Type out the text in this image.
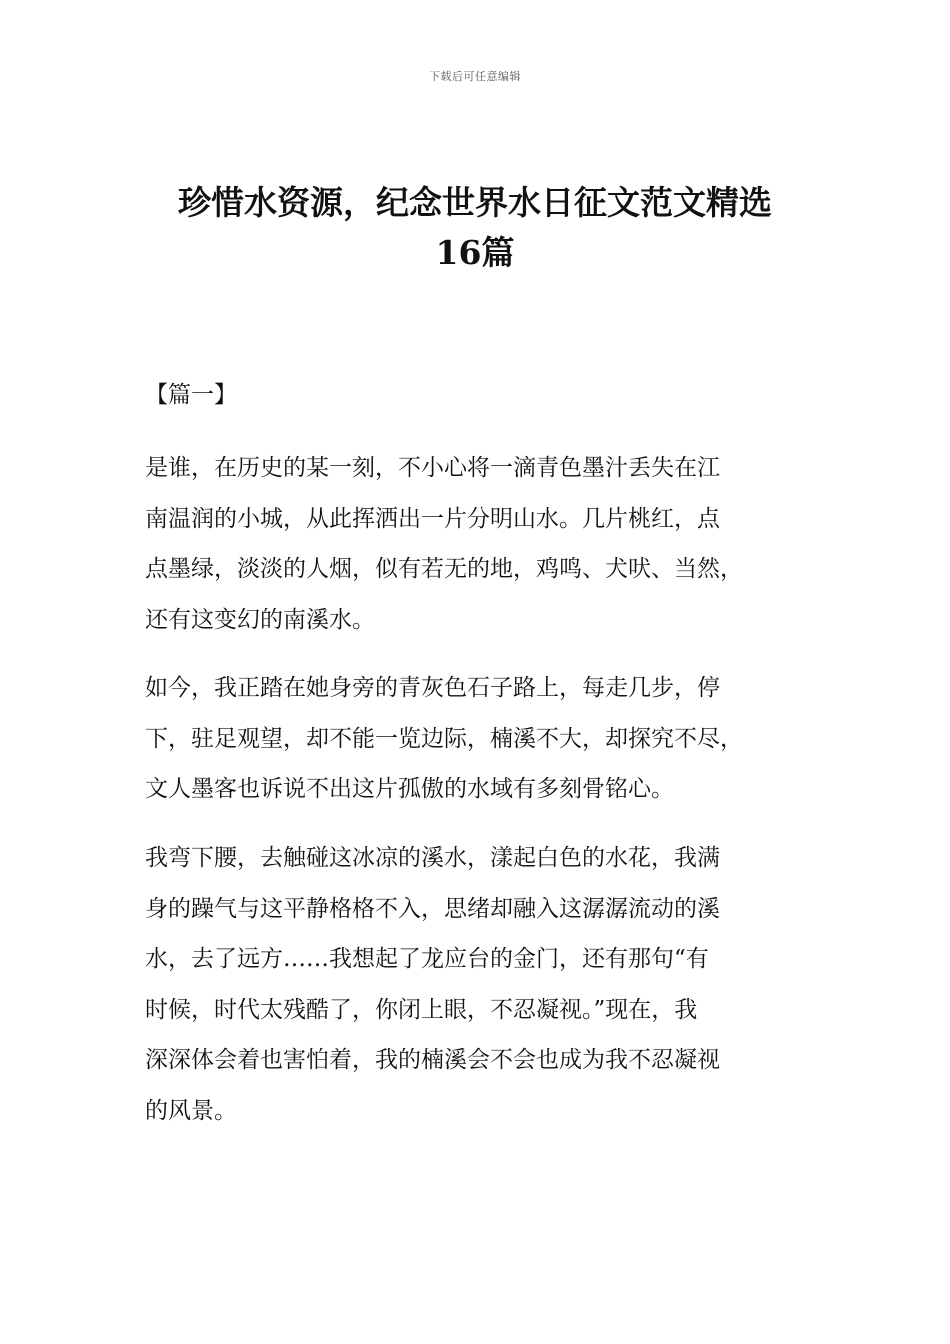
下载后可任意编辑
珍惜水资源，纪念世界水日征文范文精选
16篇
【篇一】
是谁，在历史的某一刻，不小心将一滴青色墨汁丢失在江
南温润的小城，从此挥洒出一片分明山水。几片桃红，点
点墨绿，淡淡的人烟，似有若无的地，鸡鸣、犬吠、当然，
还有这变幻的南溪水。
如今，我正踏在她身旁的青灰色石子路上，每走几步，停
下，驻足观望，却不能一览边际，楠溪不大，却探究不尽，
文人墨客也诉说不出这片孤傲的水域有多刻骨铭心。
我弯下腰，去触碰这冰凉的溪水，漾起白色的水花，我满
身的躁气与这平静格格不入，思绪却融入这潺潺流动的溪
水，去了远方……我想起了龙应台的金门，还有那句“有
时候，时代太残酷了，你闭上眼，不忍凝视。”现在，我
深深体会着也害怕着，我的楠溪会不会也成为我不忍凝视
的风景。
